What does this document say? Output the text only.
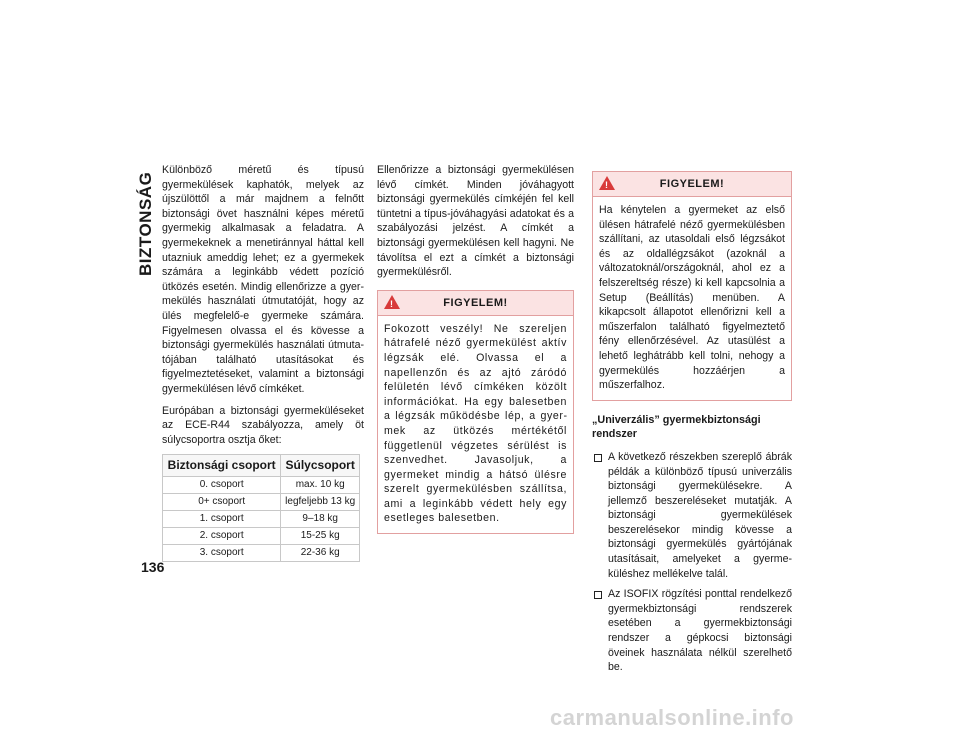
BIZTONSÁG
136

Különböző méretű és típusú gyermekülések kaphatók, melyek az újszülöttől a már majdnem a felnőtt biztonsági övet használni képes méretű gyermekig alkalmasak a feladatra. A gyermekeknek a menetiránnyal háttal kell utazniuk ameddig lehet; ez a gyermekek számára a leginkább védett pozíció ütközés esetén. Mindig ellenőrizze a gyermekülés használati útmutatóját, hogy az ülés megfelelő-e gyermeke számára. Figyelmesen olvassa el és kövesse a biztonsági gyermekülés használati útmutatójában található utasításokat és figyelmeztetéseket, valamint a biztonsági gyermekülésen lévő címkéket.

Európában a biztonsági gyermeküléseket az ECE-R44 szabályozza, amely öt súlycsoportra osztja őket:

Biztonsági csoport	Súlycsoport
0. csoport	max. 10 kg
0+ csoport	legfeljebb 13 kg
1. csoport	9–18 kg
2. csoport	15-25 kg
3. csoport	22-36 kg

Ellenőrizze a biztonsági gyermekülésen lévő címkét. Minden jóváhagyott biztonsági gyermekülés címkéjén fel kell tüntetni a típus-jóváhagyási adatokat és a szabályozási jelzést. A címkét a biztonsági gyermekülésen kell hagyni. Ne távolítsa el ezt a címkét a biztonsági gyermekülésről.

!	FIGYELEM!
Fokozott veszély! Ne szereljen hátrafelé néző gyermekülést aktív légzsák elé. Olvassa el a napellenzőn és az ajtó záródó felületén lévő címkéken közölt információkat. Ha egy balesetben a légzsák működésbe lép, a gyermek az ütközés mértékétől függetlenül végzetes sérülést is szenvedhet. Javasoljuk, a gyermeket mindig a hátsó ülésre szerelt gyermekülésben szállítsa, ami a leginkább védett hely egy esetleges balesetben.
!	FIGYELEM!
Ha kénytelen a gyermeket az első ülésen hátrafelé néző gyermekülésben szállítani, az utasoldali első légzsákot és az oldallégzsákot (azoknál a változatoknál/országoknál, ahol ez a felszereltség része) ki kell kapcsolnia a Setup (Beállítás) menüben. A kikapcsolt állapotot ellenőrizni kell a műszerfalon található figyelmeztető fény ellenőrzésével. Az utasülést a lehető leghátrább kell tolni, nehogy a gyermekülés hozzáérjen a műszerfalhoz.
„Univerzális” gyermekbiztonsági rendszer
A következő részekben szereplő ábrák példák a különböző típusú univerzális biztonsági gyermekülésekre. A jellemző beszereléseket mutatják. A biztonsági gyermekülések beszerelésekor mindig kövesse a biztonsági gyermekülés gyártójának utasításait, amelyeket a gyermeküléshez mellékelve talál.
Az ISOFIX rögzítési ponttal rendelkező gyermekbiztonsági rendszerek esetében a gyermekbiztonsági rendszer a gépkocsi biztonsági öveinek használata nélkül szerelhető be.
carmanualsonline.info
